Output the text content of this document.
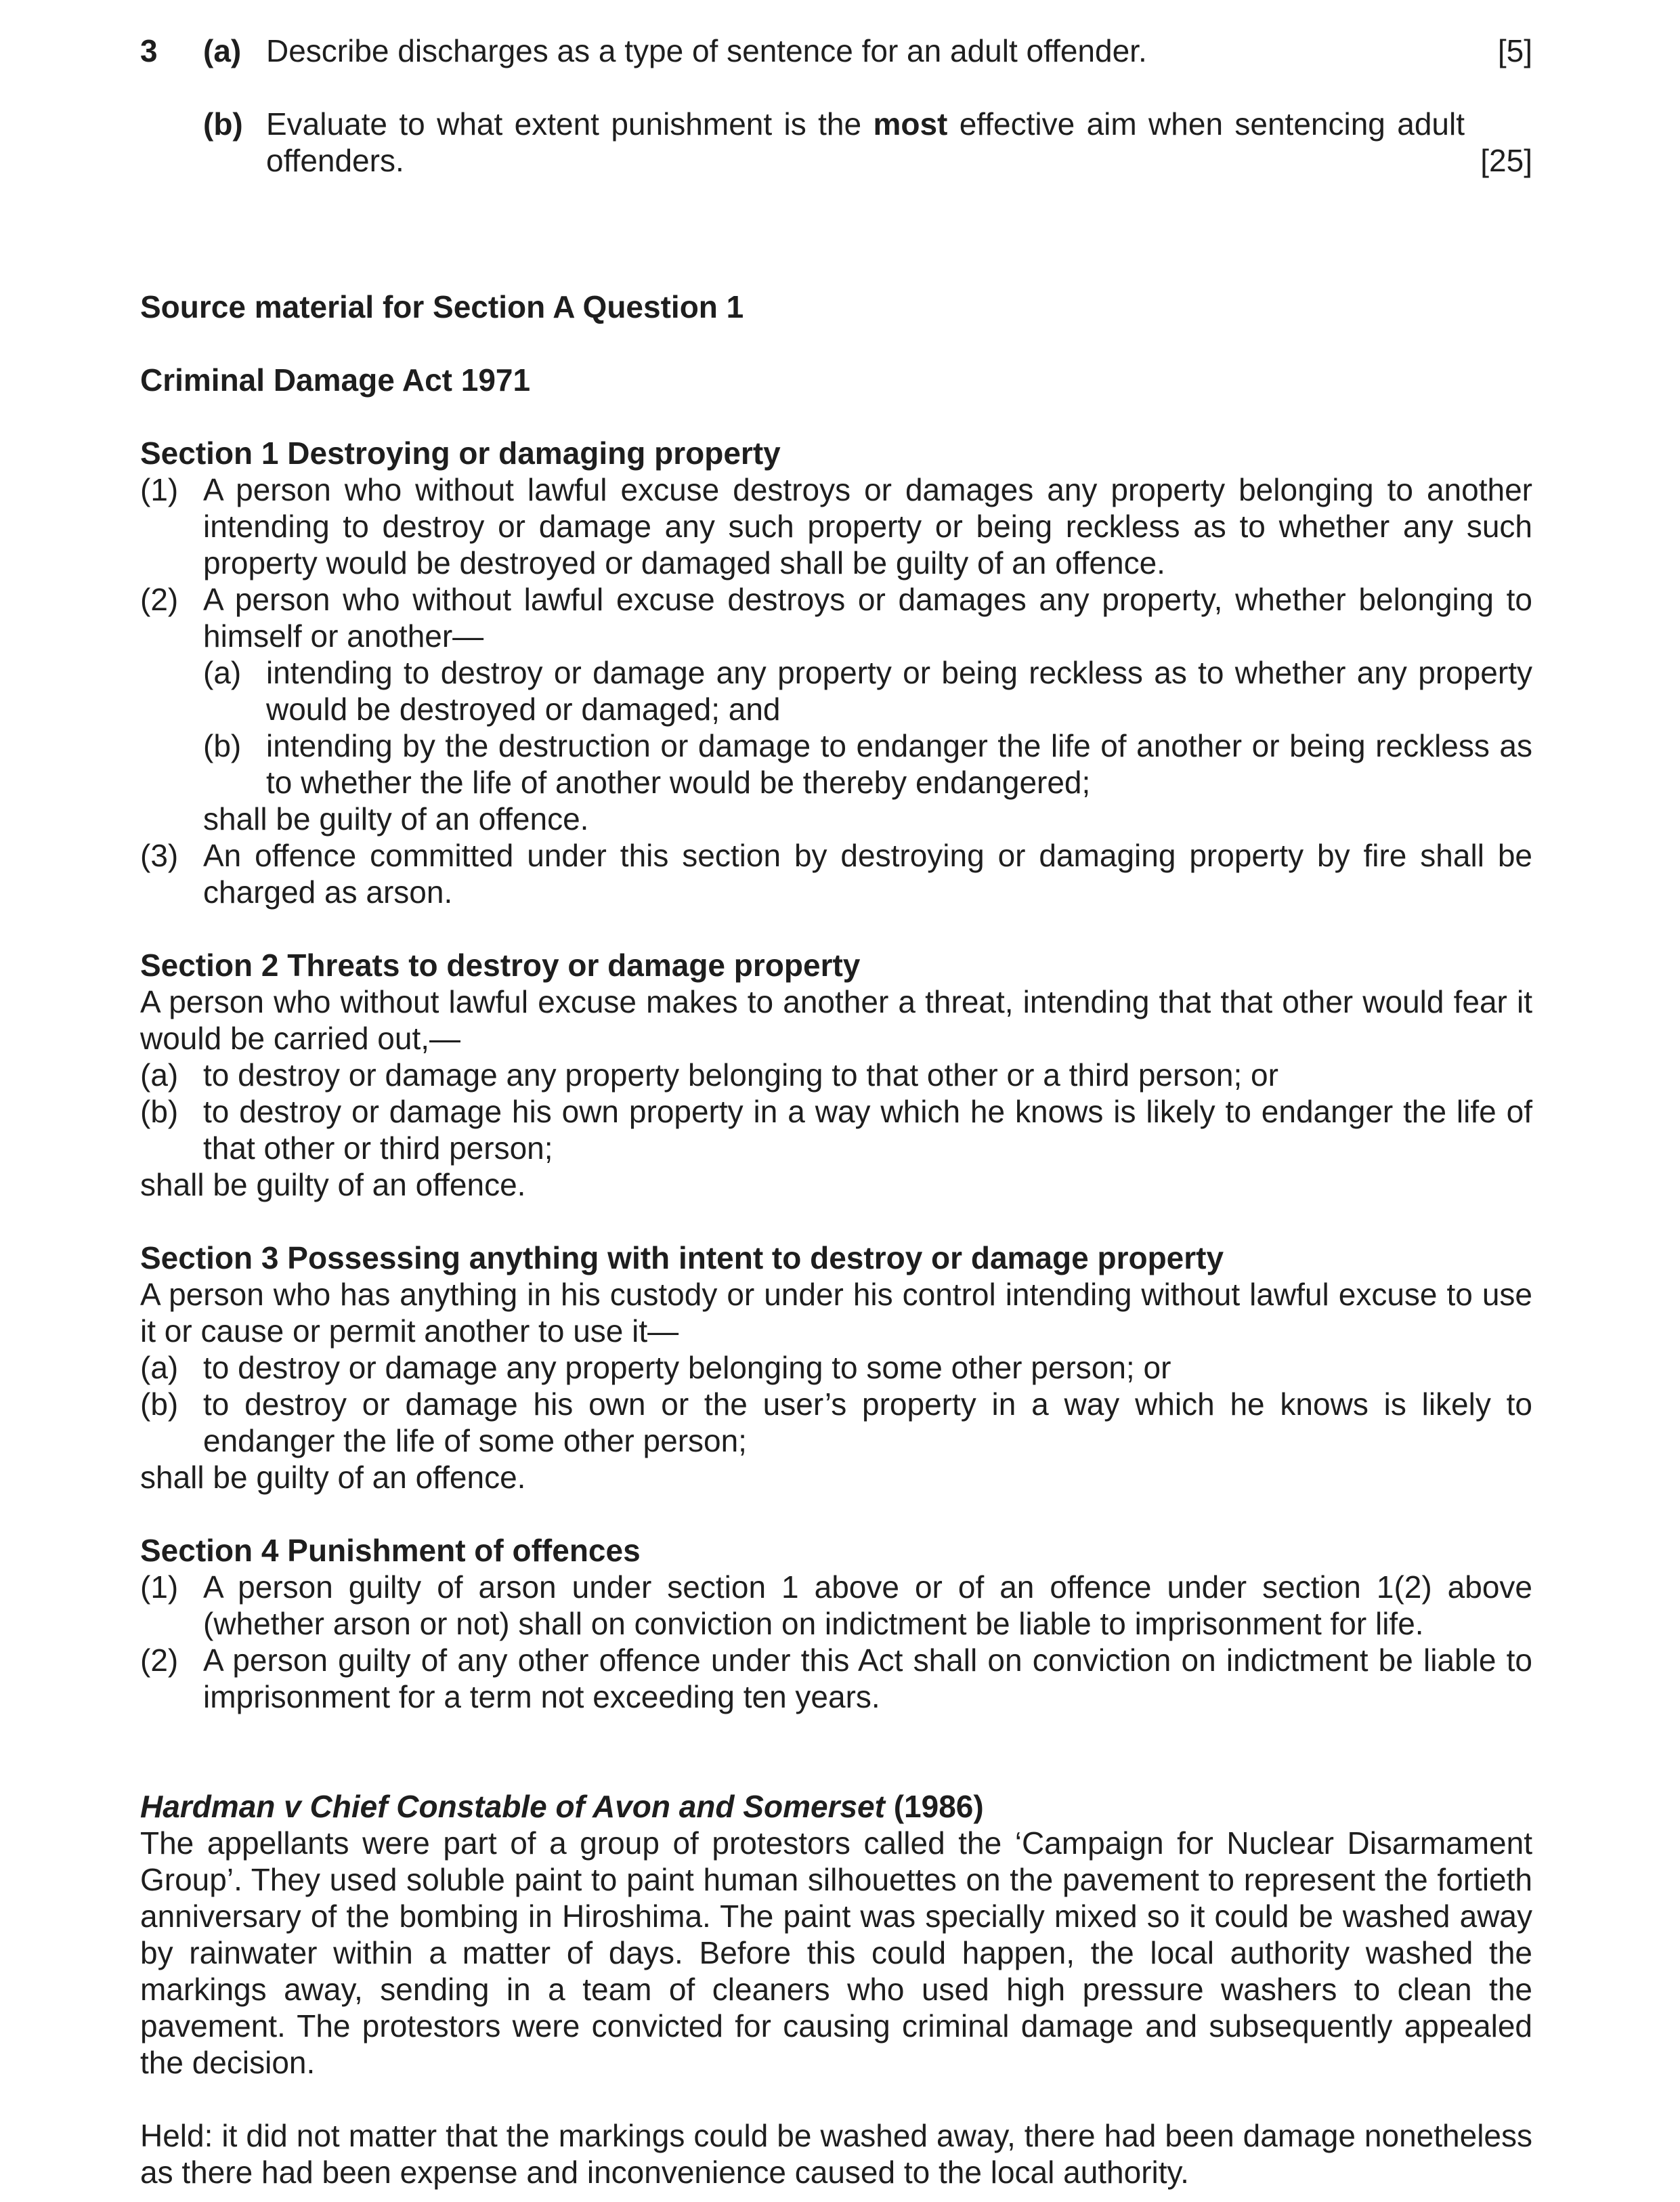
3 (a) Describe discharges as a type of sentence for an adult offender.	[5]
(b) Evaluate to what extent punishment is the most effective aim when sentencing adult offenders.	[25]
Source material for Section A Question 1
Criminal Damage Act 1971
Section 1 Destroying or damaging property
(1) A person who without lawful excuse destroys or damages any property belonging to another intending to destroy or damage any such property or being reckless as to whether any such property would be destroyed or damaged shall be guilty of an offence.
(2) A person who without lawful excuse destroys or damages any property, whether belonging to himself or another—
(a) intending to destroy or damage any property or being reckless as to whether any property would be destroyed or damaged; and
(b) intending by the destruction or damage to endanger the life of another or being reckless as to whether the life of another would be thereby endangered;
shall be guilty of an offence.
(3) An offence committed under this section by destroying or damaging property by fire shall be charged as arson.
Section 2 Threats to destroy or damage property
A person who without lawful excuse makes to another a threat, intending that that other would fear it would be carried out,—
(a) to destroy or damage any property belonging to that other or a third person; or
(b) to destroy or damage his own property in a way which he knows is likely to endanger the life of that other or third person;
shall be guilty of an offence.
Section 3 Possessing anything with intent to destroy or damage property
A person who has anything in his custody or under his control intending without lawful excuse to use it or cause or permit another to use it—
(a) to destroy or damage any property belonging to some other person; or
(b) to destroy or damage his own or the user’s property in a way which he knows is likely to endanger the life of some other person;
shall be guilty of an offence.
Section 4 Punishment of offences
(1) A person guilty of arson under section 1 above or of an offence under section 1(2) above (whether arson or not) shall on conviction on indictment be liable to imprisonment for life.
(2) A person guilty of any other offence under this Act shall on conviction on indictment be liable to imprisonment for a term not exceeding ten years.
Hardman v Chief Constable of Avon and Somerset (1986)
The appellants were part of a group of protestors called the ‘Campaign for Nuclear Disarmament Group’. They used soluble paint to paint human silhouettes on the pavement to represent the fortieth anniversary of the bombing in Hiroshima. The paint was specially mixed so it could be washed away by rainwater within a matter of days. Before this could happen, the local authority washed the markings away, sending in a team of cleaners who used high pressure washers to clean the pavement. The protestors were convicted for causing criminal damage and subsequently appealed the decision.
Held: it did not matter that the markings could be washed away, there had been damage nonetheless as there had been expense and inconvenience caused to the local authority.
